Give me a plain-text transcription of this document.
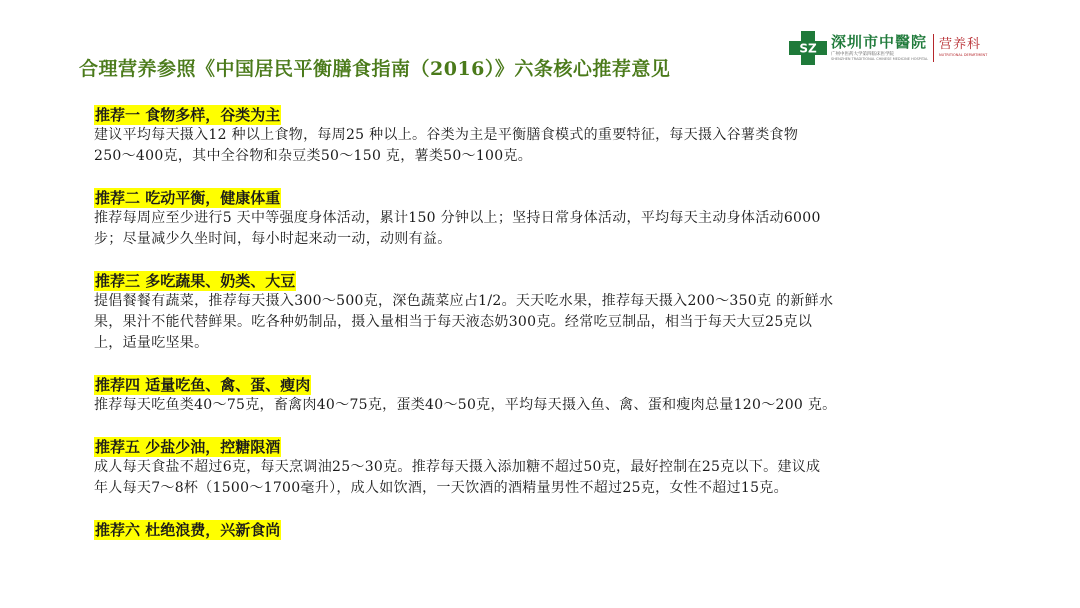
合理营养参照《中国居民平衡膳食指南（2016）》六条核心推荐意见
SZ 深圳市中醫院
广州中医药大学第四临床医学院
SHENZHEN TRADITIONAL CHINESE MEDICINE HOSPITAL
营养科
NUTRITIONAL DEPARTMENT
推荐一 食物多样，谷类为主

建议平均每天摄入12 种以上食物，每周25 种以上。谷类为主是平衡膳食模式的重要特征，每天摄入谷薯类食物

250～400克，其中全谷物和杂豆类50～150 克，薯类50～100克。

推荐二 吃动平衡，健康体重

推荐每周应至少进行5 天中等强度身体活动，累计150 分钟以上；坚持日常身体活动，平均每天主动身体活动6000

步；尽量减少久坐时间，每小时起来动一动，动则有益。

推荐三 多吃蔬果、奶类、大豆

提倡餐餐有蔬菜，推荐每天摄入300～500克，深色蔬菜应占1/2。天天吃水果，推荐每天摄入200～350克 的新鲜水

果，果汁不能代替鲜果。吃各种奶制品，摄入量相当于每天液态奶300克。经常吃豆制品，相当于每天大豆25克以

上，适量吃坚果。

推荐四 适量吃鱼、禽、蛋、瘦肉

推荐每天吃鱼类40～75克，畜禽肉40～75克，蛋类40～50克，平均每天摄入鱼、禽、蛋和瘦肉总量120～200 克。

推荐五 少盐少油，控糖限酒

成人每天食盐不超过6克，每天烹调油25～30克。推荐每天摄入添加糖不超过50克，最好控制在25克以下。建议成

年人每天7～8杯（1500～1700毫升），成人如饮酒，一天饮酒的酒精量男性不超过25克，女性不超过15克。

推荐六 杜绝浪费，兴新食尚
